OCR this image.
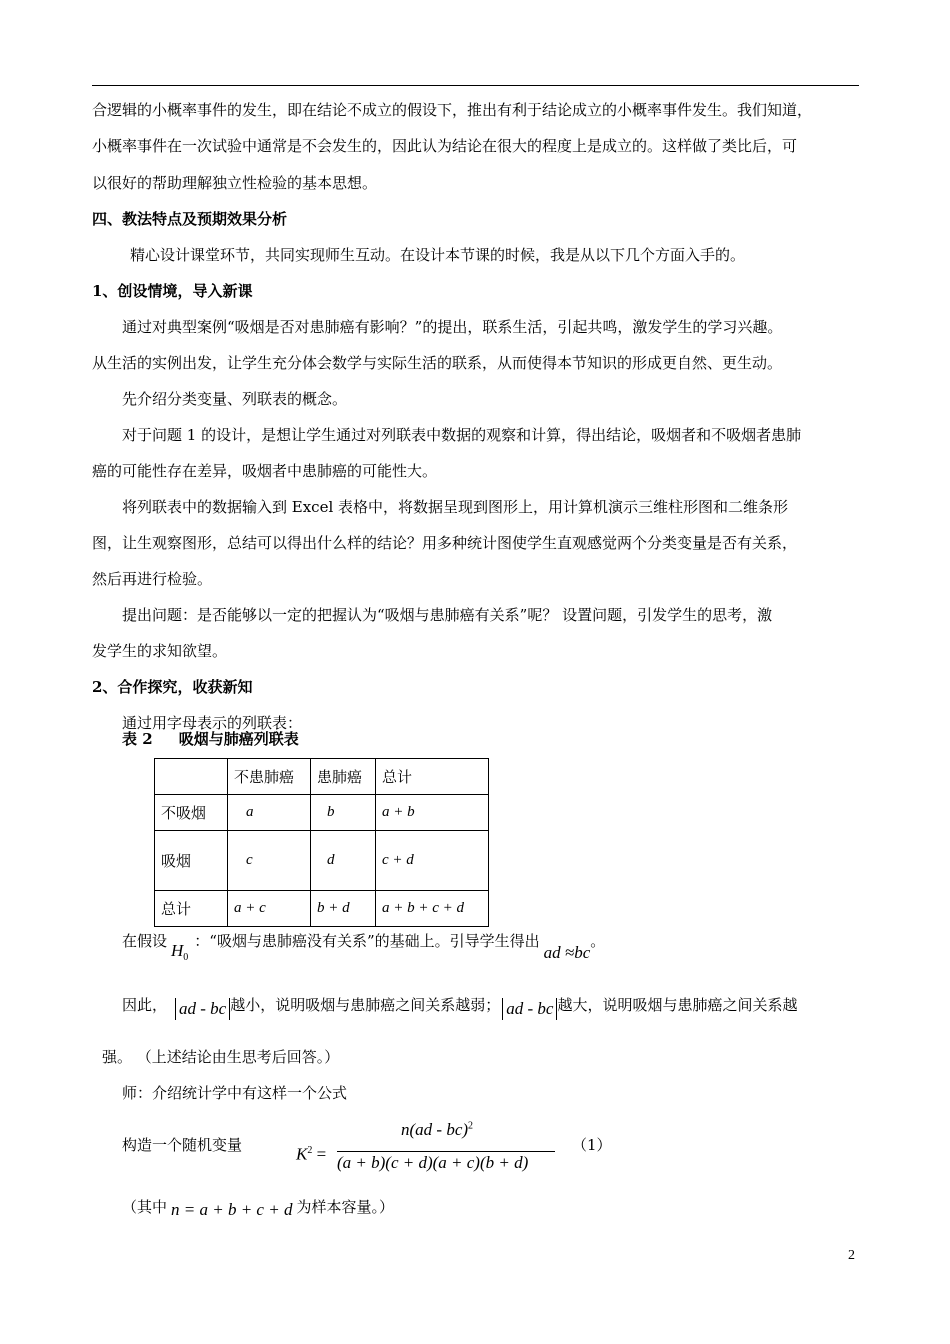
合逻辑的小概率事件的发生，即在结论不成立的假设下，推出有利于结论成立的小概率事件发生。我们知道，
小概率事件在一次试验中通常是不会发生的，因此认为结论在很大的程度上是成立的。这样做了类比后，可
以很好的帮助理解独立性检验的基本思想。
四、教法特点及预期效果分析
精心设计课堂环节，共同实现师生互动。在设计本节课的时候，我是从以下几个方面入手的。
1、创设情境，导入新课
通过对典型案例“吸烟是否对患肺癌有影响？”的提出，联系生活，引起共鸣，激发学生的学习兴趣。
从生活的实例出发，让学生充分体会数学与实际生活的联系，从而使得本节知识的形成更自然、更生动。
先介绍分类变量、列联表的概念。
对于问题 1 的设计，是想让学生通过对列联表中数据的观察和计算，得出结论，吸烟者和不吸烟者患肺
癌的可能性存在差异，吸烟者中患肺癌的可能性大。
将列联表中的数据输入到 Excel 表格中，将数据呈现到图形上，用计算机演示三维柱形图和二维条形
图，让生观察图形，总结可以得出什么样的结论？用多种统计图使学生直观感觉两个分类变量是否有关系，
然后再进行检验。
提出问题：是否能够以一定的把握认为“吸烟与患肺癌有关系”呢？ 设置问题，引发学生的思考，激
发学生的求知欲望。
2、合作探究，收获新知
通过用字母表示的列联表：
表 2     吸烟与肺癌列联表
	不患肺癌	患肺癌	总计
不吸烟	a	b	a + b
吸烟	c	d	c + d
总计	a + c	b + d	a + b + c + d
在假设 $H_0$：“吸烟与患肺癌没有关系”的基础上。引导学生得出ad ≈bc。
因此， ad - bc 越小，说明吸烟与患肺癌之间关系越弱； ad - bc 越大，说明吸烟与患肺癌之间关系越
强。 （上述结论由生思考后回答。）
师：介绍统计学中有这样一个公式
构造一个随机变量	$K^2$ =
n(ad - bc)$^2$
(a + b)(c + d)(a + c)(b + d)
（1）
（其中 n = a + b + c + d 为样本容量。）
2
